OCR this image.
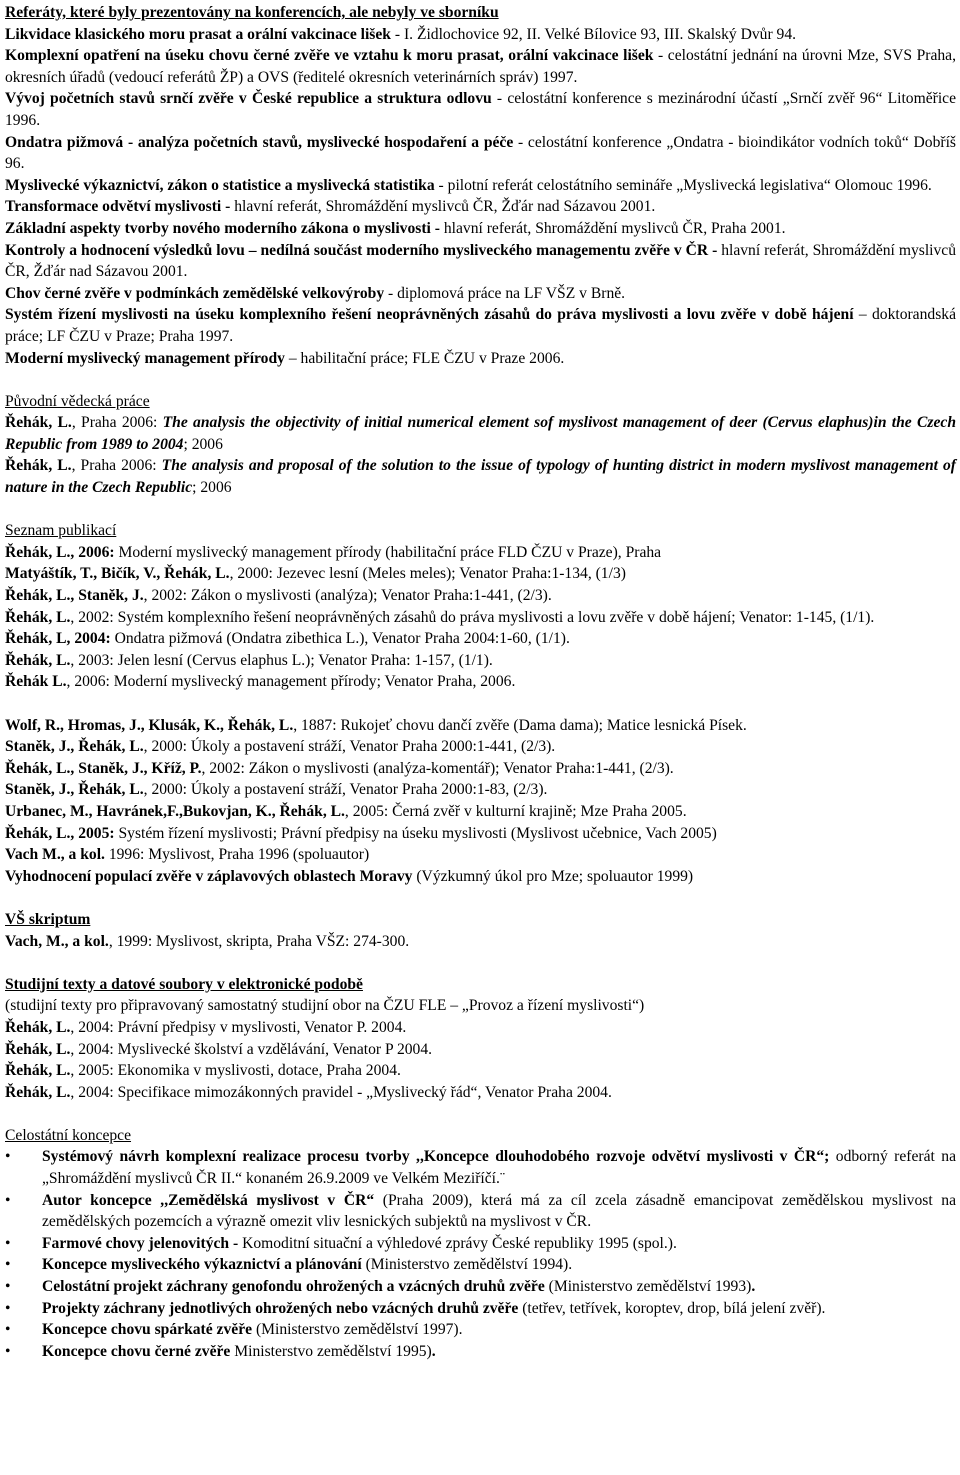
Referáty, které byly prezentovány na konferencích, ale nebyly ve sborníku

Likvidace klasického moru prasat a orální vakcinace lišek - I. Židlochovice 92, II. Velké Bílovice 93, III. Skalský Dvůr 94.

Komplexní opatření na úseku chovu černé zvěře ve vztahu k moru prasat, orální vakcinace lišek - celostátní jednání na úrovni Mze, SVS Praha, okresních úřadů (vedoucí referátů ŽP) a OVS (ředitelé okresních veterinárních správ) 1997.

Vývoj početních stavů srnčí zvěře v České republice a struktura odlovu - celostátní konference s mezinárodní účastí „Srnčí zvěř 96“ Litoměřice 1996.

Ondatra pižmová - analýza početních stavů, myslivecké hospodaření a péče - celostátní konference „Ondatra - bioindikátor vodních toků“ Dobříš 96.

Myslivecké výkaznictví, zákon o statistice a myslivecká statistika - pilotní referát celostátního semináře „Myslivecká legislativa“ Olomouc 1996.

Transformace odvětví myslivosti - hlavní referát, Shromáždění myslivců ČR, Žďár nad Sázavou 2001.

Základní aspekty tvorby nového moderního zákona o myslivosti - hlavní referát, Shromáždění myslivců ČR, Praha 2001.

Kontroly a hodnocení výsledků lovu – nedílná součást moderního mysliveckého managementu zvěře v ČR - hlavní referát, Shromáždění myslivců ČR, Žďár nad Sázavou 2001.

Chov černé zvěře v podmínkách zemědělské velkovýroby - diplomová práce na LF VŠZ v Brně.

Systém řízení myslivosti na úseku komplexního řešení neoprávněných zásahů do práva myslivosti a lovu zvěře v době hájení – doktorandská práce; LF ČZU v Praze; Praha 1997.

Moderní myslivecký management přírody – habilitační práce; FLE ČZU v Praze 2006.

Původní vědecká práce

Řehák, L., Praha 2006: The analysis the objectivity of initial numerical element sof myslivost management of deer (Cervus elaphus)in the Czech Republic from 1989 to 2004; 2006

Řehák, L., Praha 2006: The analysis and proposal of the solution to the issue of typology of hunting district in modern myslivost management of nature in the Czech Republic; 2006

Seznam publikací

Řehák, L., 2006: Moderní myslivecký management přírody (habilitační práce FLD ČZU v Praze), Praha

Matyáštík, T., Bičík, V., Řehák, L., 2000: Jezevec lesní (Meles meles); Venator Praha:1-134, (1/3)

Řehák, L., Staněk, J., 2002: Zákon o myslivosti (analýza); Venator Praha:1-441, (2/3).

Řehák, L., 2002: Systém komplexního řešení neoprávněných zásahů do práva myslivosti a lovu zvěře v době hájení; Venator: 1-145, (1/1).

Řehák, L, 2004: Ondatra pižmová (Ondatra zibethica L.), Venator Praha 2004:1-60, (1/1).

Řehák, L., 2003: Jelen lesní (Cervus elaphus L.); Venator Praha: 1-157, (1/1).

Řehák L., 2006: Moderní myslivecký management přírody; Venator Praha, 2006.

Wolf, R., Hromas, J., Klusák, K., Řehák, L., 1887: Rukojeť chovu dančí zvěře (Dama dama); Matice lesnická Písek.

Staněk, J., Řehák, L., 2000: Úkoly a postavení stráží, Venator Praha 2000:1-441, (2/3).

Řehák, L., Staněk, J., Kříž, P., 2002: Zákon o myslivosti (analýza-komentář); Venator Praha:1-441, (2/3).

Staněk, J., Řehák, L., 2000: Úkoly a postavení stráží, Venator Praha 2000:1-83, (2/3).

Urbanec, M., Havránek,F.,Bukovjan, K., Řehák, L., 2005: Černá zvěř v kulturní krajině; Mze Praha 2005.

Řehák, L., 2005: Systém řízení myslivosti; Právní předpisy na úseku myslivosti (Myslivost učebnice, Vach 2005)

Vach M., a kol. 1996: Myslivost, Praha 1996 (spoluautor)

Vyhodnocení populací zvěře v záplavových oblastech Moravy (Výzkumný úkol pro Mze; spoluautor 1999)

VŠ skriptum

Vach, M., a kol., 1999: Myslivost, skripta, Praha VŠZ: 274-300.

Studijní texty a datové soubory v elektronické podobě

(studijní texty pro připravovaný samostatný studijní obor na ČZU FLE – „Provoz a řízení myslivosti“)

Řehák, L., 2004: Právní předpisy v myslivosti, Venator P. 2004.

Řehák, L., 2004: Myslivecké školství a vzdělávání, Venator P 2004.

Řehák, L., 2005: Ekonomika v myslivosti, dotace, Praha 2004.

Řehák, L., 2004: Specifikace mimozákonných pravidel - „Myslivecký řád“, Venator Praha 2004.

Celostátní koncepce

• Systémový návrh komplexní realizace procesu tvorby ,,Koncepce dlouhodobého rozvoje odvětví myslivosti v ČR“; odborný referát na „Shromáždění myslivců ČR II.“ konaném 26.9.2009 ve Velkém Meziříčí.¨
• Autor koncepce ,,Zemědělská myslivost v ČR“ (Praha 2009), která má za cíl zcela zásadně emancipovat zemědělskou myslivost na zemědělských pozemcích a výrazně omezit vliv lesnických subjektů na myslivost v ČR.
• Farmové chovy jelenovitých - Komoditní situační a výhledové zprávy České republiky 1995 (spol.).
• Koncepce mysliveckého výkaznictví a plánování (Ministerstvo zemědělství 1994).
• Celostátní projekt záchrany genofondu ohrožených a vzácných druhů zvěře (Ministerstvo zemědělství 1993).
• Projekty záchrany jednotlivých ohrožených nebo vzácných druhů zvěře (tetřev, tetřívek, koroptev, drop, bílá jelení zvěř).
• Koncepce chovu spárkaté zvěře (Ministerstvo zemědělství 1997).
• Koncepce chovu černé zvěře Ministerstvo zemědělství 1995).
